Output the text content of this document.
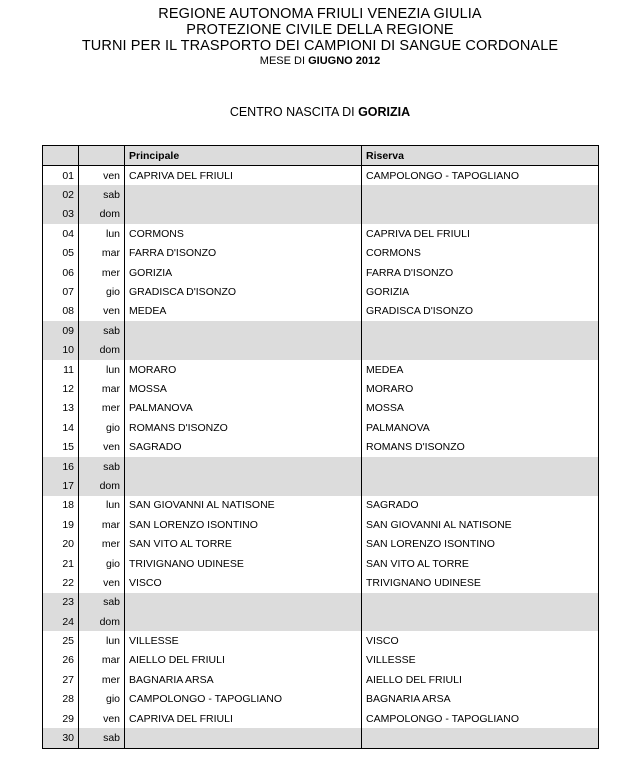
REGIONE AUTONOMA FRIULI VENEZIA GIULIA
PROTEZIONE CIVILE DELLA REGIONE
TURNI PER IL TRASPORTO DEI CAMPIONI DI SANGUE CORDONALE
MESE DI GIUGNO 2012
CENTRO NASCITA DI GORIZIA
		Principale	Riserva
01	ven	CAPRIVA DEL FRIULI	CAMPOLONGO - TAPOGLIANO
02	sab		
03	dom		
04	lun	CORMONS	CAPRIVA DEL FRIULI
05	mar	FARRA D'ISONZO	CORMONS
06	mer	GORIZIA	FARRA D'ISONZO
07	gio	GRADISCA D'ISONZO	GORIZIA
08	ven	MEDEA	GRADISCA D'ISONZO
09	sab		
10	dom		
11	lun	MORARO	MEDEA
12	mar	MOSSA	MORARO
13	mer	PALMANOVA	MOSSA
14	gio	ROMANS D'ISONZO	PALMANOVA
15	ven	SAGRADO	ROMANS D'ISONZO
16	sab		
17	dom		
18	lun	SAN GIOVANNI AL NATISONE	SAGRADO
19	mar	SAN LORENZO ISONTINO	SAN GIOVANNI AL NATISONE
20	mer	SAN VITO AL TORRE	SAN LORENZO ISONTINO
21	gio	TRIVIGNANO UDINESE	SAN VITO AL TORRE
22	ven	VISCO	TRIVIGNANO UDINESE
23	sab		
24	dom		
25	lun	VILLESSE	VISCO
26	mar	AIELLO DEL FRIULI	VILLESSE
27	mer	BAGNARIA ARSA	AIELLO DEL FRIULI
28	gio	CAMPOLONGO - TAPOGLIANO	BAGNARIA ARSA
29	ven	CAPRIVA DEL FRIULI	CAMPOLONGO - TAPOGLIANO
30	sab		
